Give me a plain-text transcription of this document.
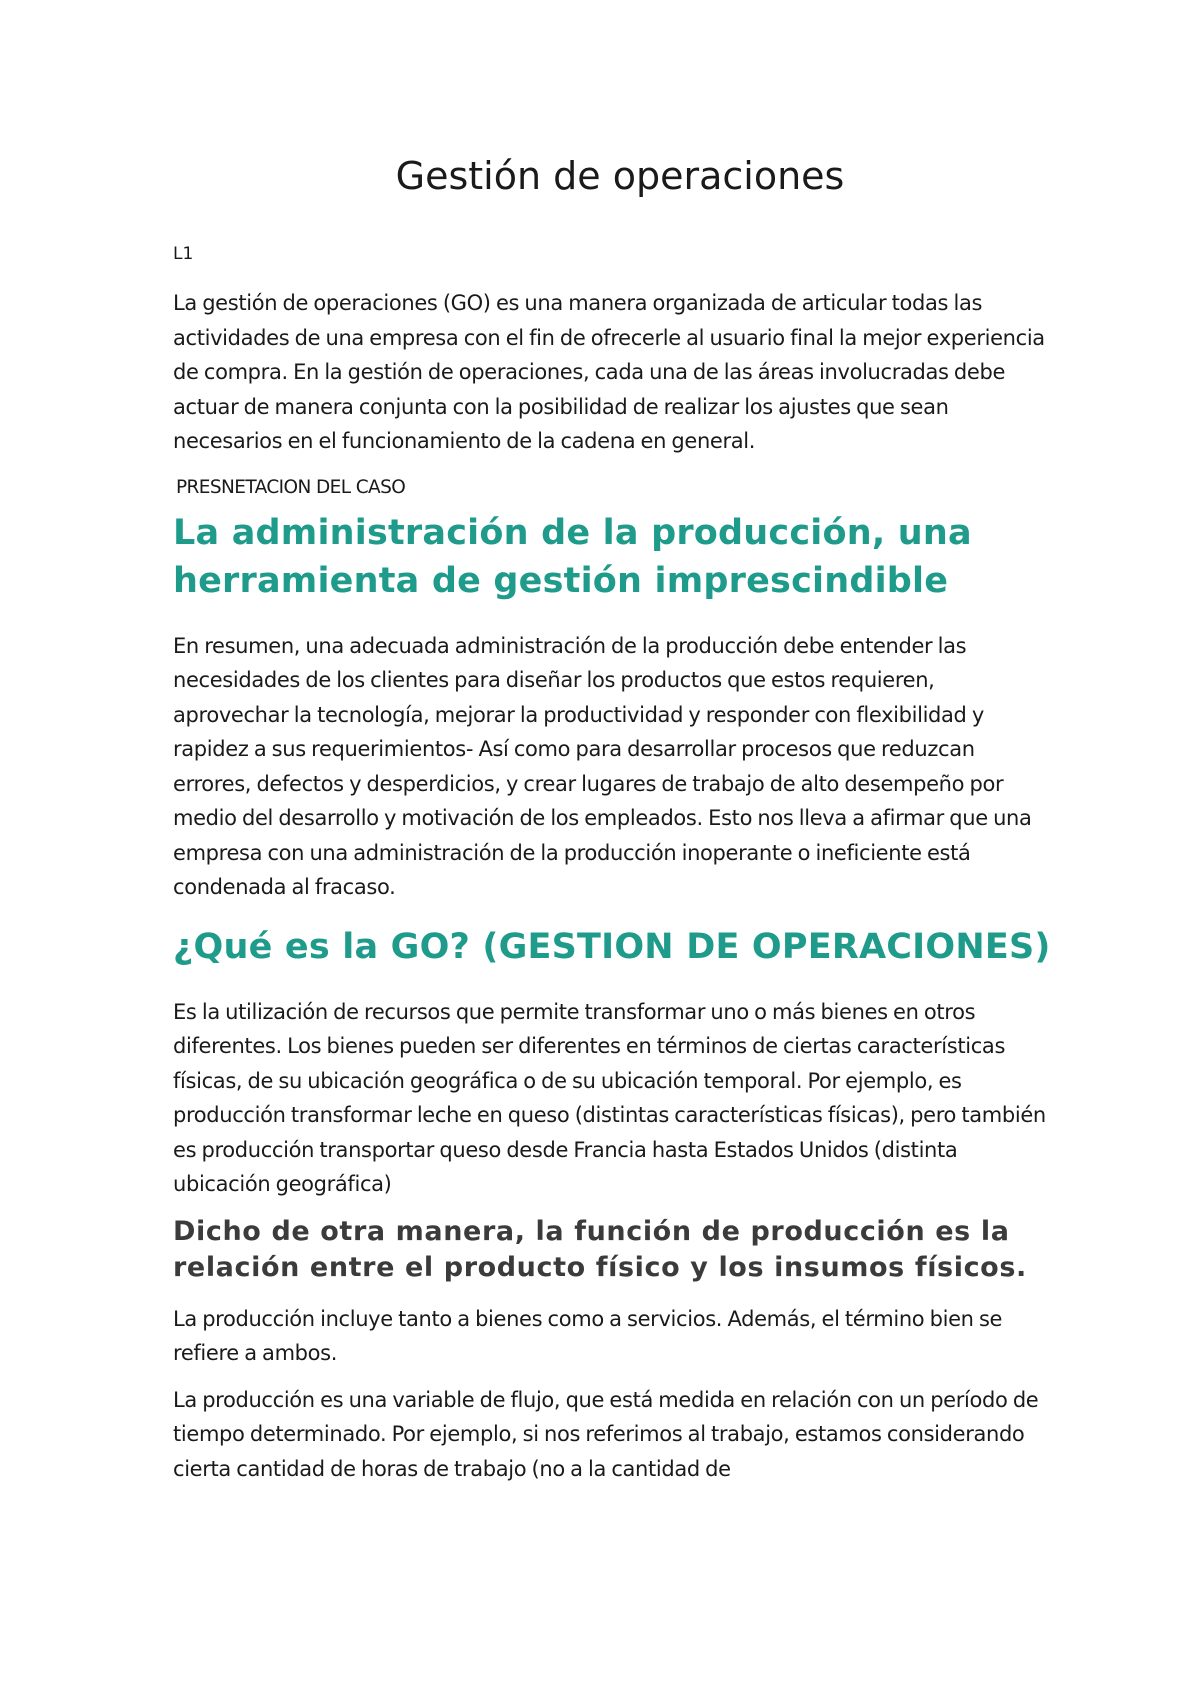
Gestión de operaciones

L1

La gestión de operaciones (GO) es una manera organizada de articular todas las actividades de una empresa con el fin de ofrecerle al usuario final la mejor experiencia de compra. En la gestión de operaciones, cada una de las áreas involucradas debe actuar de manera conjunta con la posibilidad de realizar los ajustes que sean necesarios en el funcionamiento de la cadena en general.

PRESNETACION DEL CASO

La administración de la producción, una herramienta de gestión imprescindible

En resumen, una adecuada administración de la producción debe entender las necesidades de los clientes para diseñar los productos que estos requieren, aprovechar la tecnología, mejorar la productividad y responder con flexibilidad y rapidez a sus requerimientos- Así como para desarrollar procesos que reduzcan errores, defectos y desperdicios, y crear lugares de trabajo de alto desempeño por medio del desarrollo y motivación de los empleados. Esto nos lleva a afirmar que una empresa con una administración de la producción inoperante o ineficiente está condenada al fracaso.

¿Qué es la GO? (GESTION DE OPERACIONES)

Es la utilización de recursos que permite transformar uno o más bienes en otros diferentes. Los bienes pueden ser diferentes en términos de ciertas características físicas, de su ubicación geográfica o de su ubicación temporal. Por ejemplo, es producción transformar leche en queso (distintas características físicas), pero también es producción transportar queso desde Francia hasta Estados Unidos (distinta ubicación geográfica)

Dicho de otra manera, la función de producción es la relación entre el producto físico y los insumos físicos.

La producción incluye tanto a bienes como a servicios. Además, el término bien se refiere a ambos.

La producción es una variable de flujo, que está medida en relación con un período de tiempo determinado. Por ejemplo, si nos referimos al trabajo, estamos considerando cierta cantidad de horas de trabajo (no a la cantidad de
